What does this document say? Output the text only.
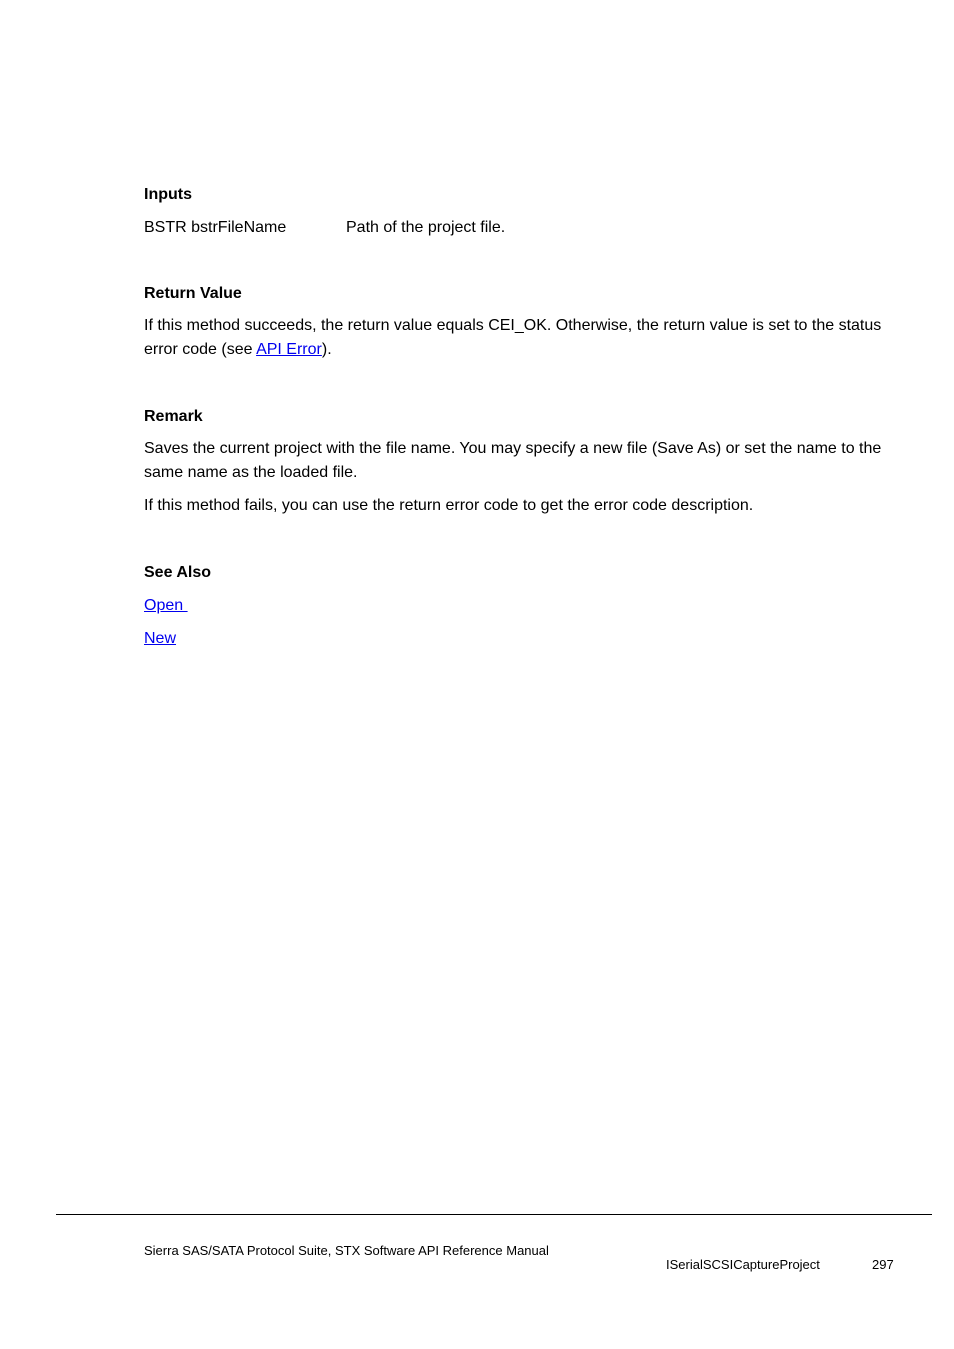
Inputs
BSTR bstrFileName	Path of the project file.
Return Value
If this method succeeds, the return value equals CEI_OK. Otherwise, the return value is set to the status error code (see API Error).
Remark
Saves the current project with the file name. You may specify a new file (Save As) or set the name to the same name as the loaded file.
If this method fails, you can use the return error code to get the error code description.
See Also
Open
New
Sierra SAS/SATA Protocol Suite, STX Software API Reference Manual
ISerialSCSICaptureProject	297
